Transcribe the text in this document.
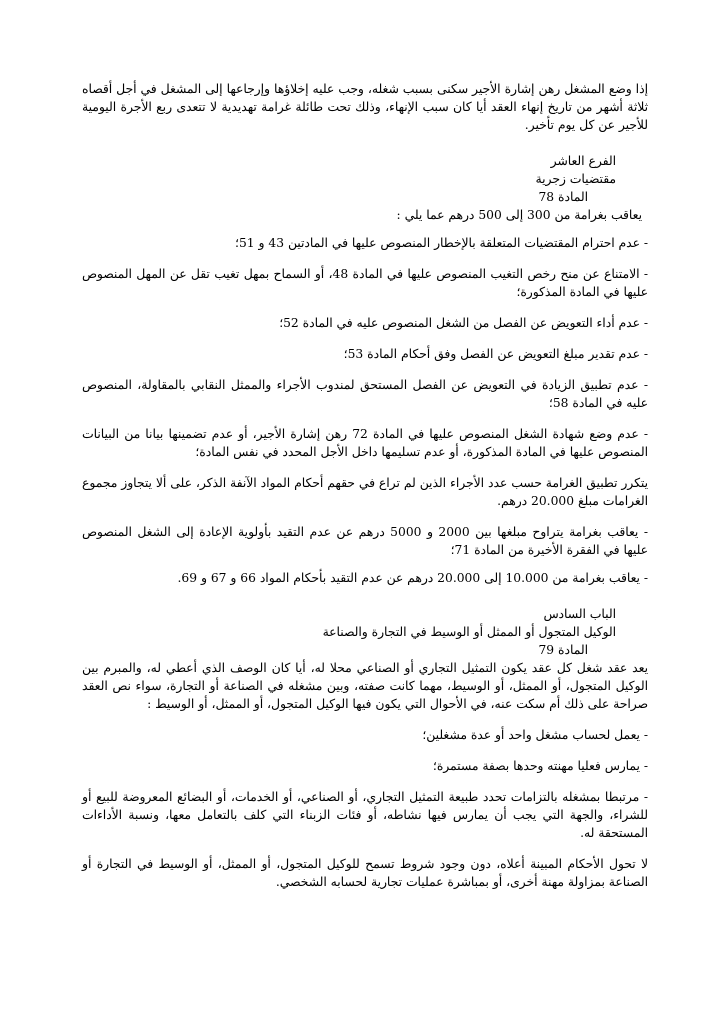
إذا وضع المشغل رهن إشارة الأجير سكنى بسبب شغله، وجب عليه إخلاؤها وإرجاعها إلى المشغل في أجل أقصاه ثلاثة أشهر من تاريخ إنهاء العقد أيا كان سبب الإنهاء، وذلك تحت طائلة غرامة تهديدية لا تتعدى ربع الأجرة اليومية للأجير عن كل يوم تأخير.

الفرع العاشر

مقتضيات زجرية

المادة 78

يعاقب بغرامة من 300 إلى 500 درهم عما يلي :

- عدم احترام المقتضيات المتعلقة بالإخطار المنصوص عليها في المادتين 43 و 51؛

- الامتناع عن منح رخص التغيب المنصوص عليها في المادة 48، أو السماح بمهل تغيب تقل عن المهل المنصوص عليها في المادة المذكورة؛

- عدم أداء التعويض عن الفصل من الشغل المنصوص عليه في المادة 52؛

- عدم تقدير مبلغ التعويض عن الفصل وفق أحكام المادة 53؛

- عدم تطبيق الزيادة في التعويض عن الفصل المستحق لمندوب الأجراء والممثل النقابي بالمقاولة، المنصوص عليه في المادة 58؛

- عدم وضع شهادة الشغل المنصوص عليها في المادة 72 رهن إشارة الأجير، أو عدم تضمينها بيانا من البيانات المنصوص عليها في المادة المذكورة، أو عدم تسليمها داخل الأجل المحدد في نفس المادة؛

يتكرر تطبيق الغرامة حسب عدد الأجراء الذين لم تراع في حقهم أحكام المواد الآنفة الذكر، على ألا يتجاوز مجموع الغرامات مبلغ 20.000 درهم.

- يعاقب بغرامة يتراوح مبلغها بين 2000 و 5000 درهم عن عدم التقيد بأولوية الإعادة إلى الشغل المنصوص عليها في الفقرة الأخيرة من المادة 71؛

- يعاقب بغرامة من 10.000 إلى 20.000 درهم عن عدم التقيد بأحكام المواد 66 و 67 و 69.

الباب السادس

الوكيل المتجول أو الممثل أو الوسيط في التجارة والصناعة

المادة 79

يعد عقد شغل كل عقد يكون التمثيل التجاري أو الصناعي محلا له، أيا كان الوصف الذي أعطي له، والمبرم بين الوكيل المتجول، أو الممثل، أو الوسيط، مهما كانت صفته، وبين مشغله في الصناعة أو التجارة، سواء نص العقد صراحة على ذلك أم سكت عنه، في الأحوال التي يكون فيها الوكيل المتجول، أو الممثل، أو الوسيط :

- يعمل لحساب مشغل واحد أو عدة مشغلين؛

- يمارس فعليا مهنته وحدها بصفة مستمرة؛

- مرتبطا بمشغله بالتزامات تحدد طبيعة التمثيل التجاري، أو الصناعي، أو الخدمات، أو البضائع المعروضة للبيع أو للشراء، والجهة التي يجب أن يمارس فيها نشاطه، أو فئات الزبناء التي كلف بالتعامل معها، ونسبة الأداءات المستحقة له.

لا تحول الأحكام المبينة أعلاه، دون وجود شروط تسمح للوكيل المتجول، أو الممثل، أو الوسيط في التجارة أو الصناعة بمزاولة مهنة أخرى، أو بمباشرة عمليات تجارية لحسابه الشخصي.
